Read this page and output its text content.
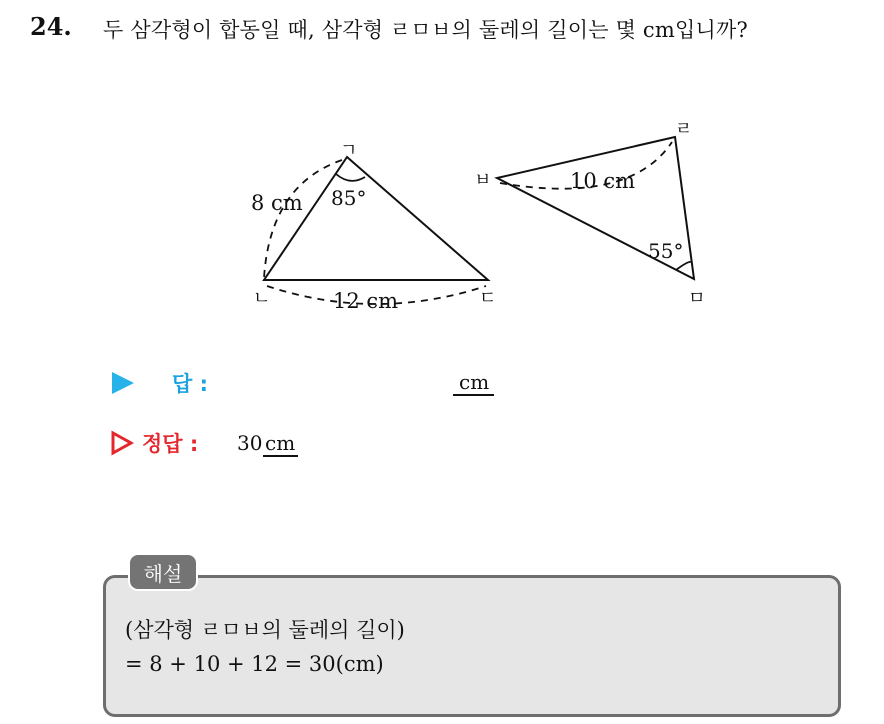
24. 두 삼각형이 합동일 때, 삼각형 ㄹㅁㅂ의 둘레의 길이는 몇 cm입니까?
ㄱ
ㄴ	ㄷ
8 cm
12 cm
85°
ㄹ
ㅂ
ㅁ
10 cm
55°
답 :	cm
정답 : 30 cm
해설
(삼각형 ㄹㅁㅂ의 둘레의 길이)
= 8 + 10 + 12 = 30(cm)
